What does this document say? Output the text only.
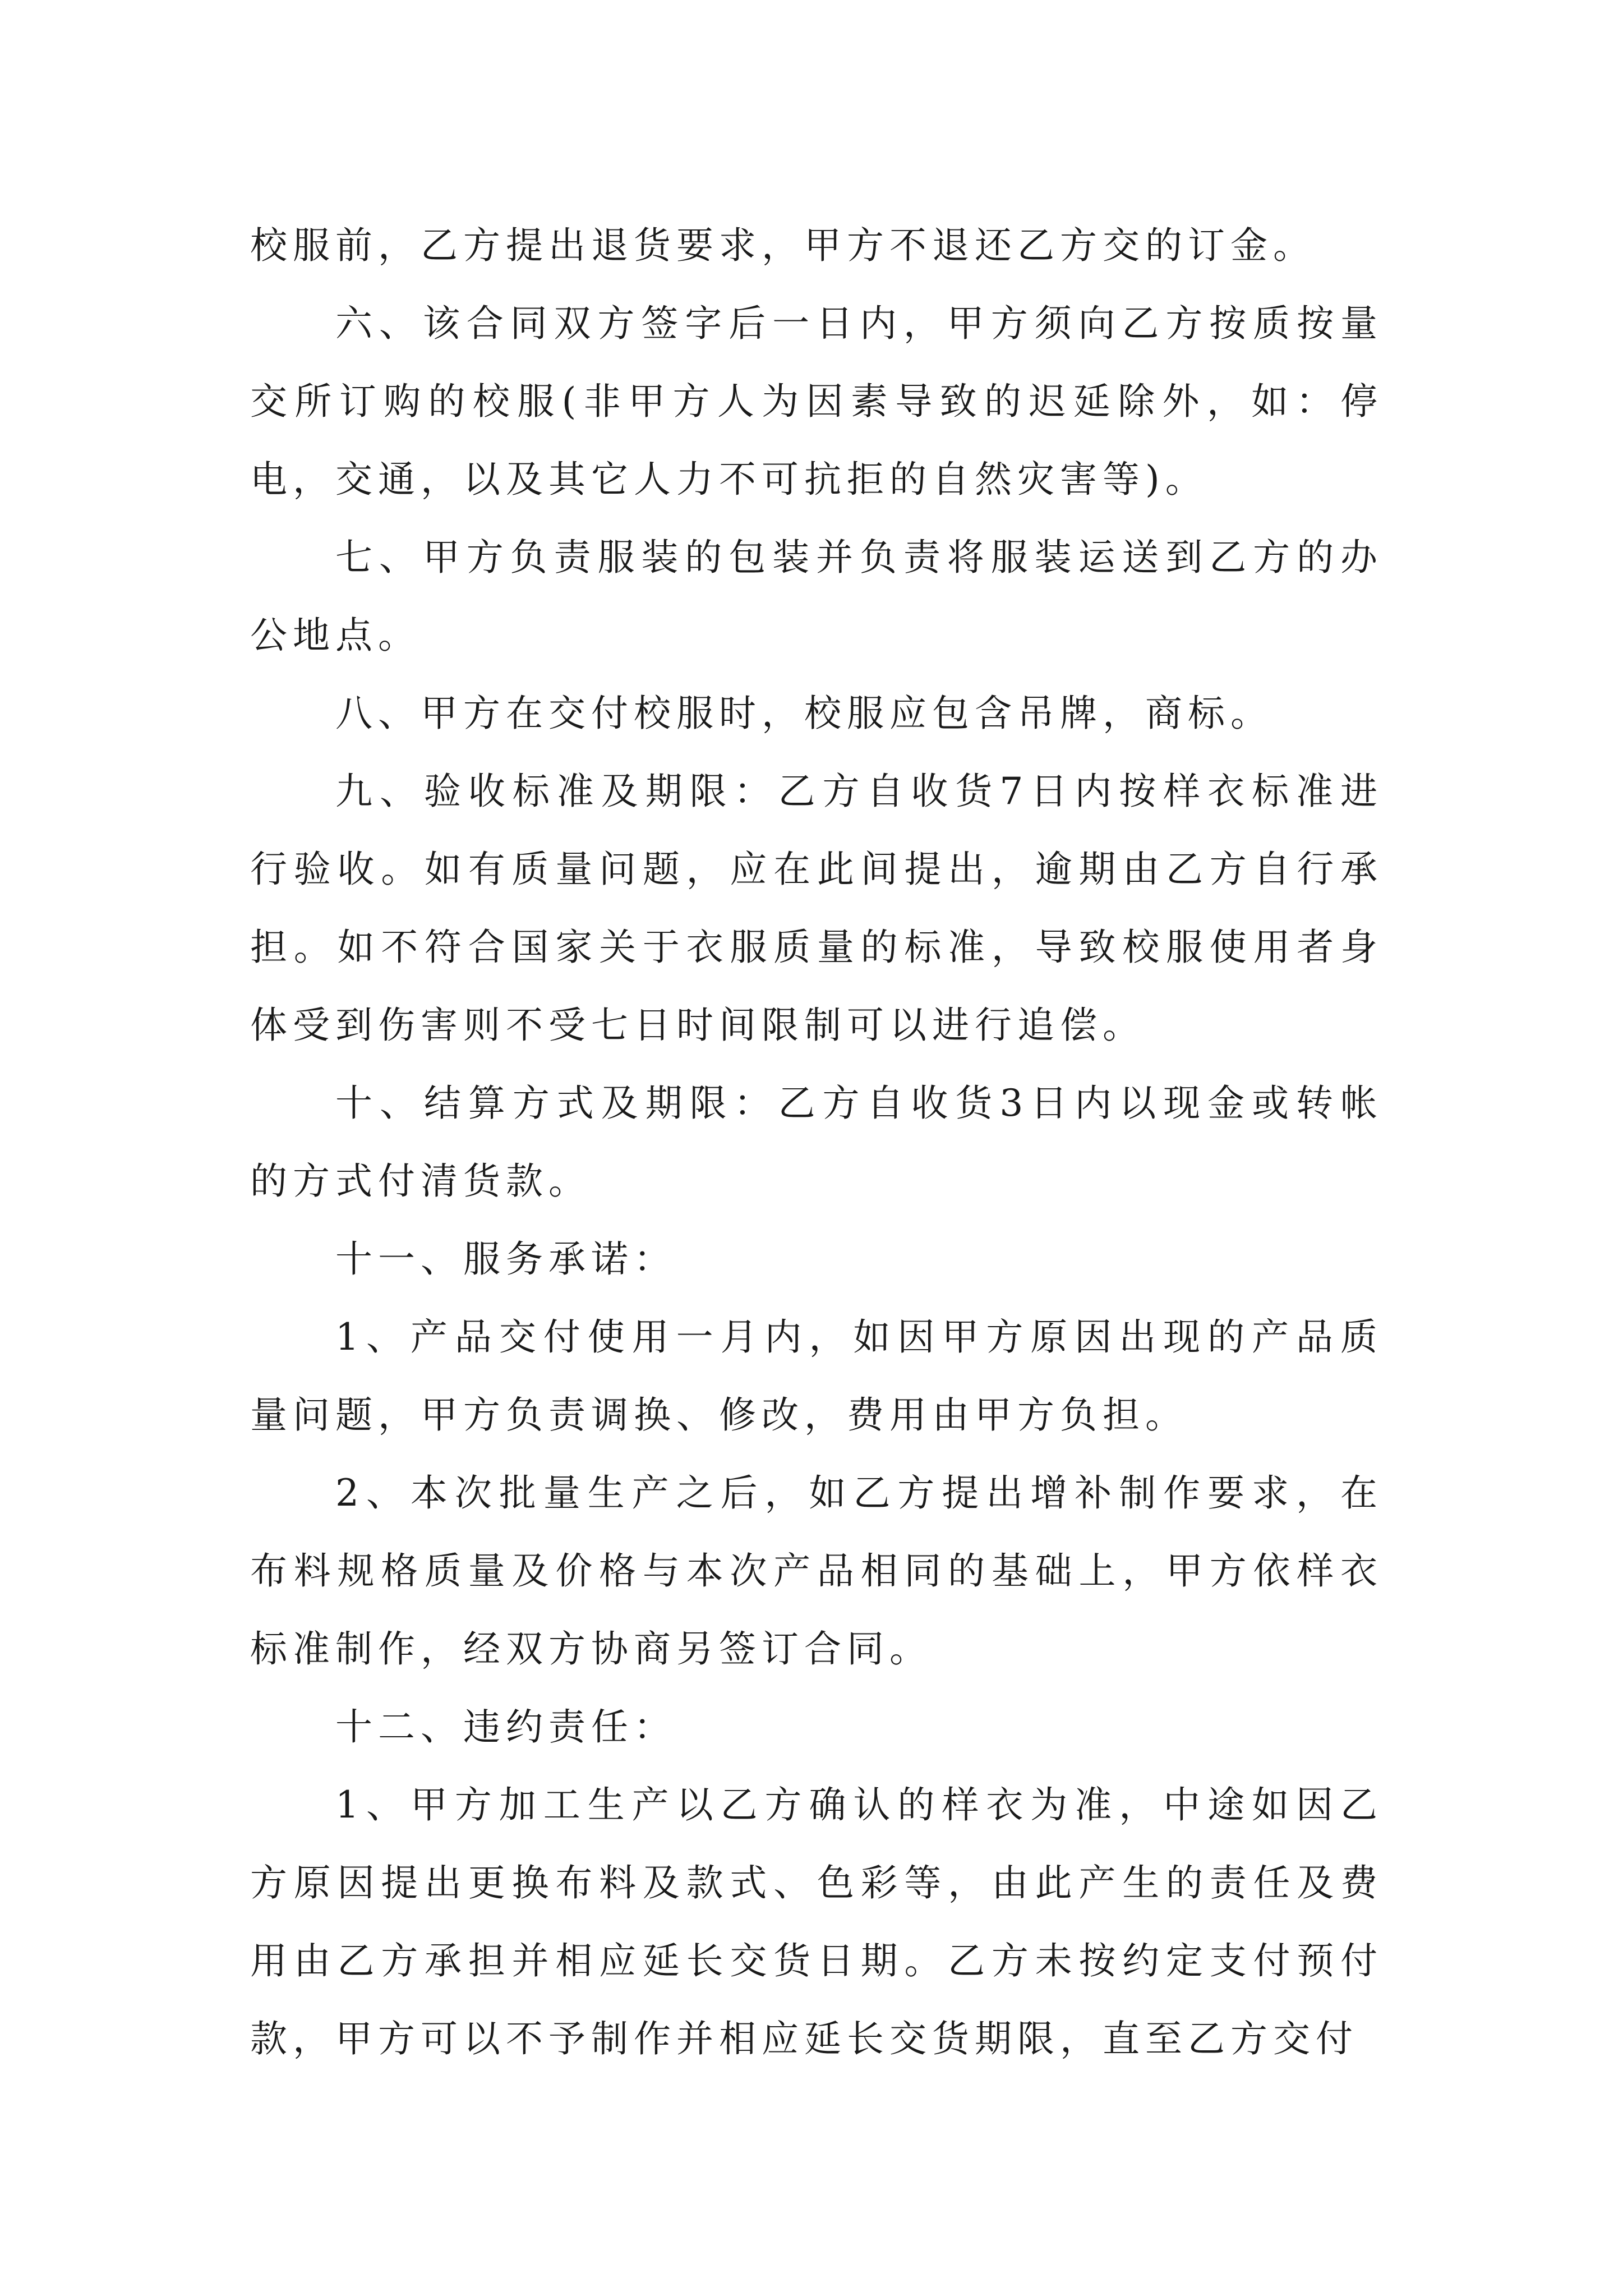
校服前，乙方提出退货要求，甲方不退还乙方交的订金。

六、该合同双方签字后一日内，甲方须向乙方按质按量交所订购的校服(非甲方人为因素导致的迟延除外，如：停电，交通，以及其它人力不可抗拒的自然灾害等)。

七、甲方负责服装的包装并负责将服装运送到乙方的办公地点。

八、甲方在交付校服时，校服应包含吊牌，商标。

九、验收标准及期限：乙方自收货7日内按样衣标准进行验收。如有质量问题，应在此间提出，逾期由乙方自行承担。如不符合国家关于衣服质量的标准，导致校服使用者身体受到伤害则不受七日时间限制可以进行追偿。

十、结算方式及期限：乙方自收货3日内以现金或转帐的方式付清货款。

十一、服务承诺：

1、产品交付使用一月内，如因甲方原因出现的产品质量问题，甲方负责调换、修改，费用由甲方负担。

2、本次批量生产之后，如乙方提出增补制作要求，在布料规格质量及价格与本次产品相同的基础上，甲方依样衣标准制作，经双方协商另签订合同。

十二、违约责任：

1、甲方加工生产以乙方确认的样衣为准，中途如因乙方原因提出更换布料及款式、色彩等，由此产生的责任及费用由乙方承担并相应延长交货日期。乙方未按约定支付预付款，甲方可以不予制作并相应延长交货期限，直至乙方交付
